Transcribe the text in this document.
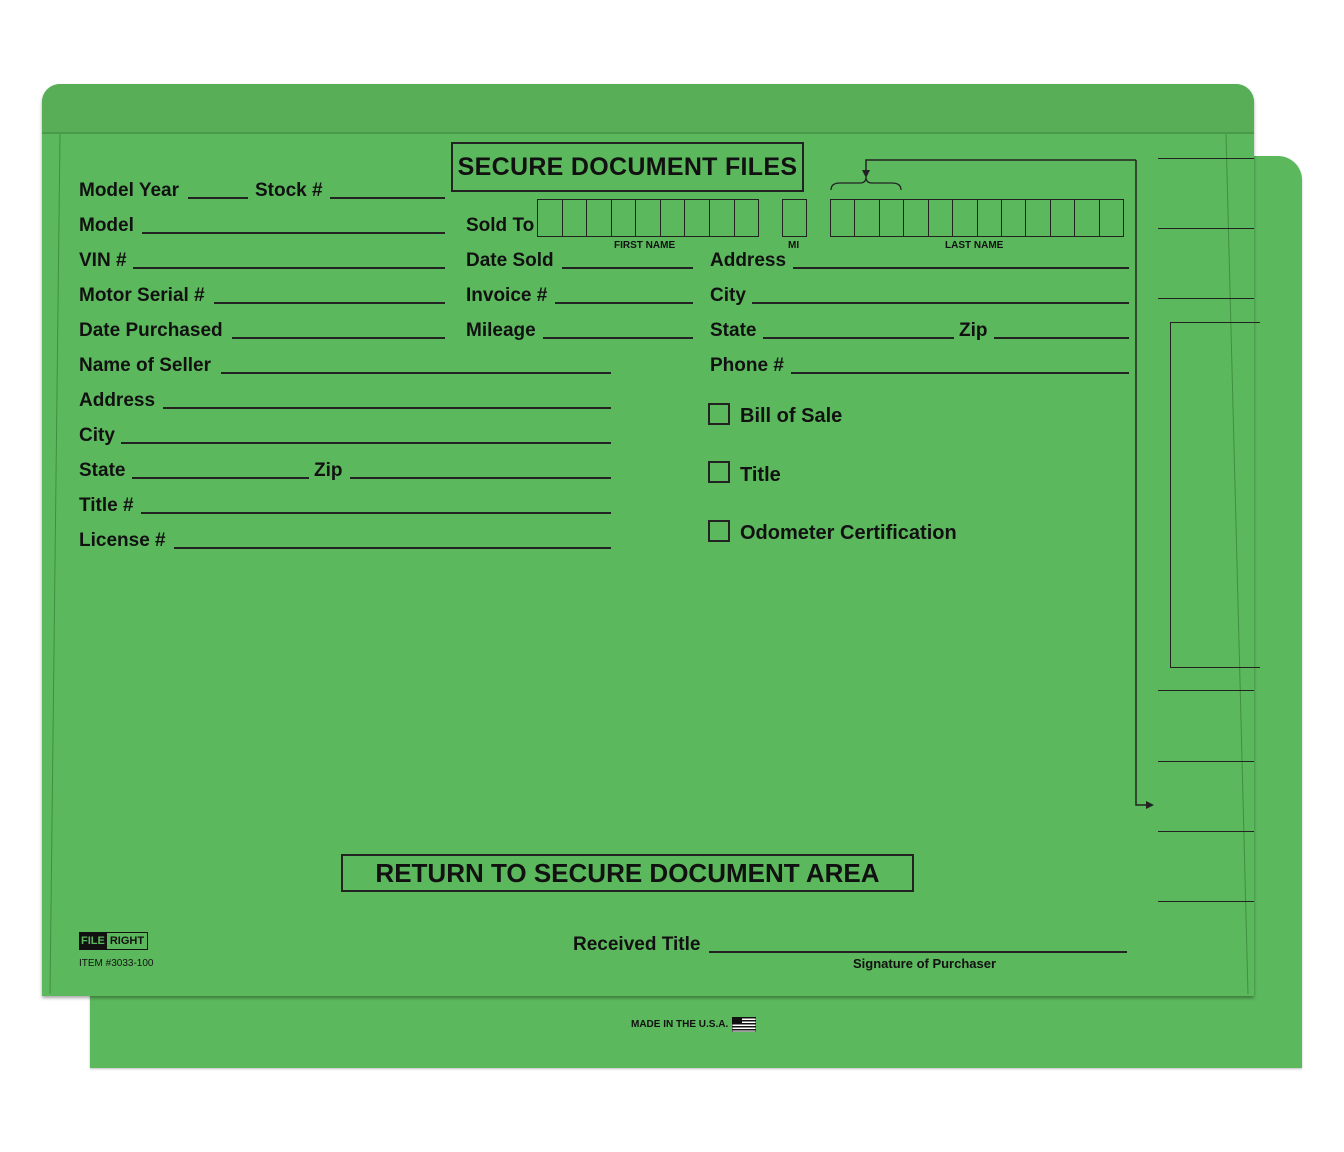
MADE IN THE U.S.A.
SECURE DOCUMENT FILES
Model Year	Stock #
Model
VIN #
Motor Serial #
Date Purchased
Name of Seller
Address
City
State	Zip
Title #
License #
Sold To
FIRST NAME	MI	LAST NAME
Date Sold
Invoice #
Mileage
Address
City
State	Zip
Phone #
Bill of Sale
Title
Odometer Certification
RETURN TO SECURE DOCUMENT AREA
Received Title
Signature of Purchaser
FILE RIGHT
ITEM #3033-100
